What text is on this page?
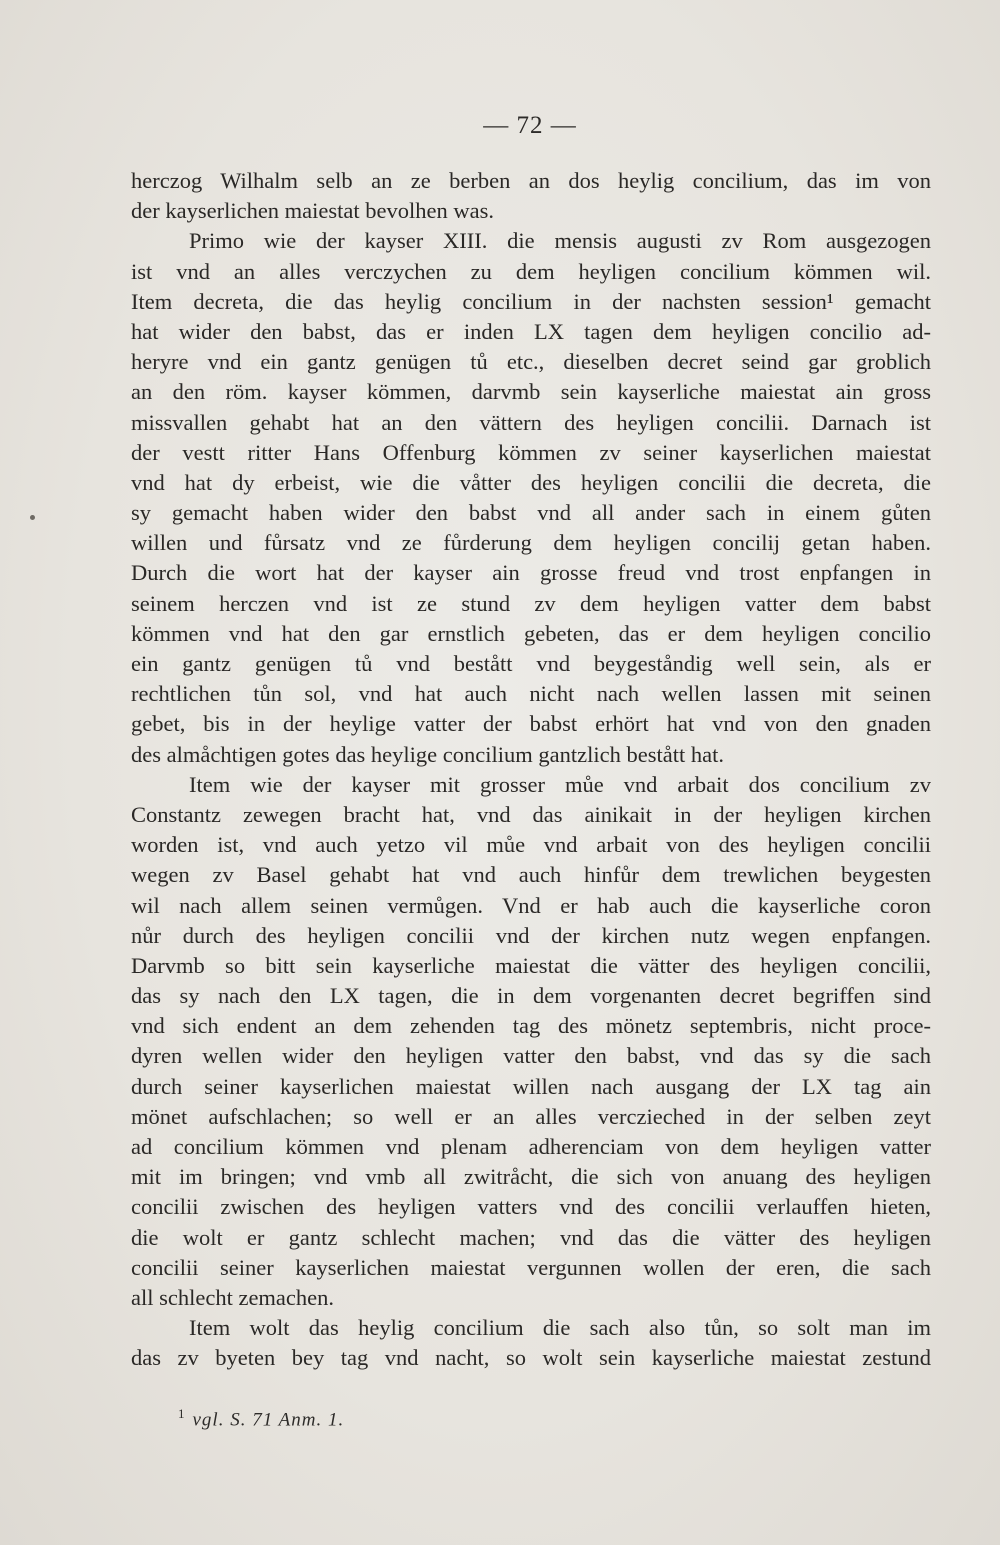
— 72 —
herczog Wilhalm selb an ze berben an dos heylig concilium, das im von
der kayserlichen maiestat bevolhen was.
Primo wie der kayser XIII. die mensis augusti zv Rom ausgezogen
ist vnd an alles verczychen zu dem heyligen concilium kömmen wil.
Item decreta, die das heylig concilium in der nachsten session¹ gemacht
hat wider den babst, das er inden LX tagen dem heyligen concilio ad-
heryre vnd ein gantz genügen tů etc., dieselben decret seind gar groblich
an den röm. kayser kömmen, darvmb sein kayserliche maiestat ain gross
missvallen gehabt hat an den vättern des heyligen concilii. Darnach ist
der vestt ritter Hans Offenburg kömmen zv seiner kayserlichen maiestat
vnd hat dy erbeist, wie die våtter des heyligen concilii die decreta, die
sy gemacht haben wider den babst vnd all ander sach in einem gůten
willen und fůrsatz vnd ze fůrderung dem heyligen concilij getan haben.
Durch die wort hat der kayser ain grosse freud vnd trost enpfangen in
seinem herczen vnd ist ze stund zv dem heyligen vatter dem babst
kömmen vnd hat den gar ernstlich gebeten, das er dem heyligen concilio
ein gantz genügen tů vnd bestått vnd beygeståndig well sein, als er
rechtlichen tůn sol, vnd hat auch nicht nach wellen lassen mit seinen
gebet, bis in der heylige vatter der babst erhört hat vnd von den gnaden
des almåchtigen gotes das heylige concilium gantzlich bestått hat.
Item wie der kayser mit grosser můe vnd arbait dos concilium zv
Constantz zewegen bracht hat, vnd das ainikait in der heyligen kirchen
worden ist, vnd auch yetzo vil můe vnd arbait von des heyligen concilii
wegen zv Basel gehabt hat vnd auch hinfůr dem trewlichen beygesten
wil nach allem seinen vermůgen. Vnd er hab auch die kayserliche coron
nůr durch des heyligen concilii vnd der kirchen nutz wegen enpfangen.
Darvmb so bitt sein kayserliche maiestat die vätter des heyligen concilii,
das sy nach den LX tagen, die in dem vorgenanten decret begriffen sind
vnd sich endent an dem zehenden tag des mönetz septembris, nicht proce-
dyren wellen wider den heyligen vatter den babst, vnd das sy die sach
durch seiner kayserlichen maiestat willen nach ausgang der LX tag ain
mönet aufschlachen; so well er an alles verczieched in der selben zeyt
ad concilium kömmen vnd plenam adherenciam von dem heyligen vatter
mit im bringen; vnd vmb all zwitråcht, die sich von anuang des heyligen
concilii zwischen des heyligen vatters vnd des concilii verlauffen hieten,
die wolt er gantz schlecht machen; vnd das die vätter des heyligen
concilii seiner kayserlichen maiestat vergunnen wollen der eren, die sach
all schlecht zemachen.
Item wolt das heylig concilium die sach also tůn, so solt man im
das zv byeten bey tag vnd nacht, so wolt sein kayserliche maiestat zestund
$^1$ vgl. S. 71 Anm. 1.
